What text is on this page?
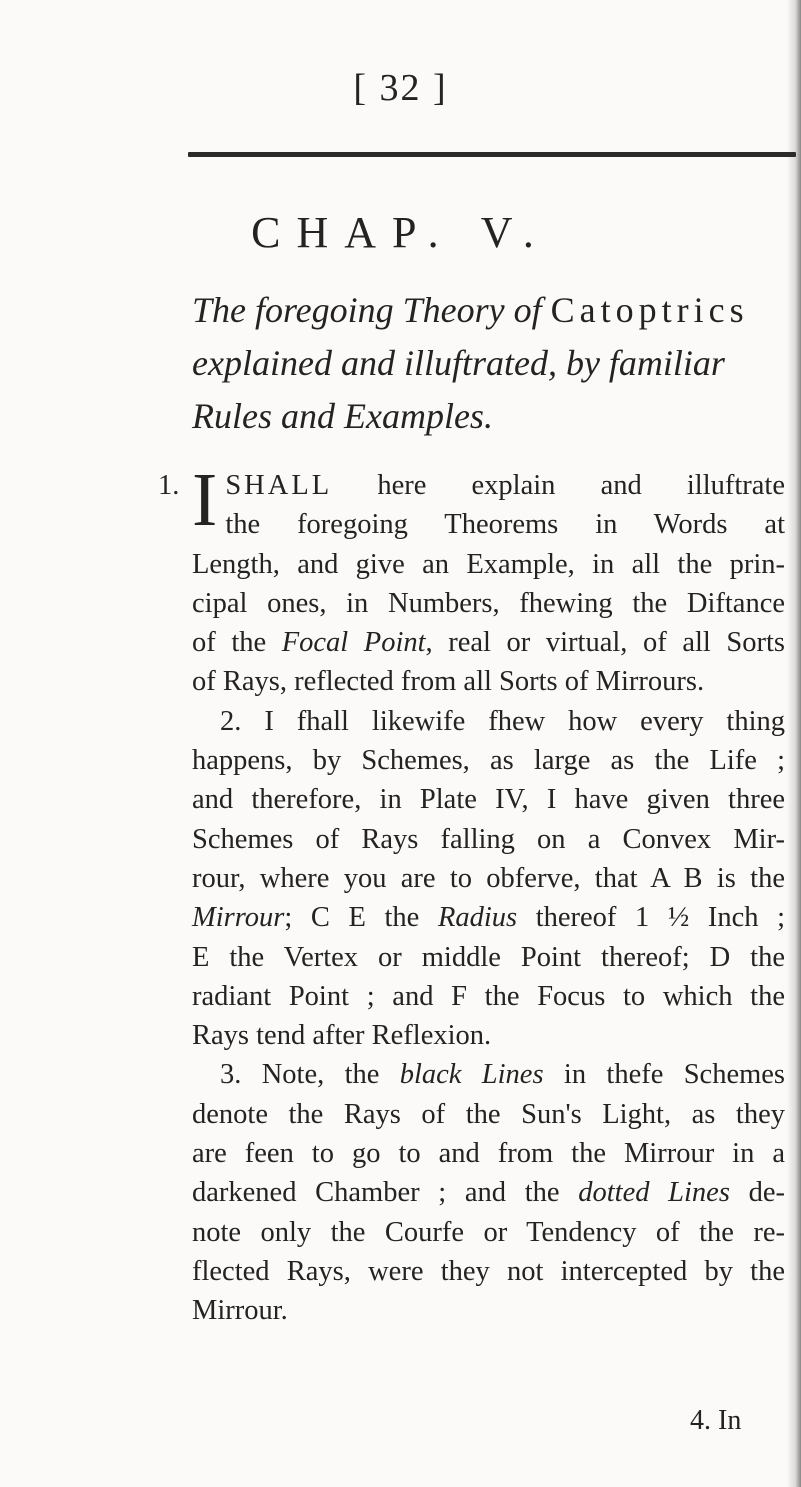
[ 32 ]
CHAP. V.
The foregoing Theory of Catoptrics
explained and illuftrated, by familiar
Rules and Examples.
1. I SHALL here explain and illuftrate
the foregoing Theorems in Words at
Length, and give an Example, in all the prin-
cipal ones, in Numbers, fhewing the Diftance
of the Focal Point, real or virtual, of all Sorts
of Rays, reflected from all Sorts of Mirrours.
2. I fhall likewife fhew how every thing
happens, by Schemes, as large as the Life ;
and therefore, in Plate IV, I have given three
Schemes of Rays falling on a Convex Mir-
rour, where you are to obferve, that A B is the
Mirrour; C E the Radius thereof 1 ½ Inch ;
E the Vertex or middle Point thereof; D the
radiant Point ; and F the Focus to which the
Rays tend after Reflexion.
3. Note, the black Lines in thefe Schemes
denote the Rays of the Sun's Light, as they
are feen to go to and from the Mirrour in a
darkened Chamber ; and the dotted Lines de-
note only the Courfe or Tendency of the re-
flected Rays, were they not intercepted by the
Mirrour.
4. In
